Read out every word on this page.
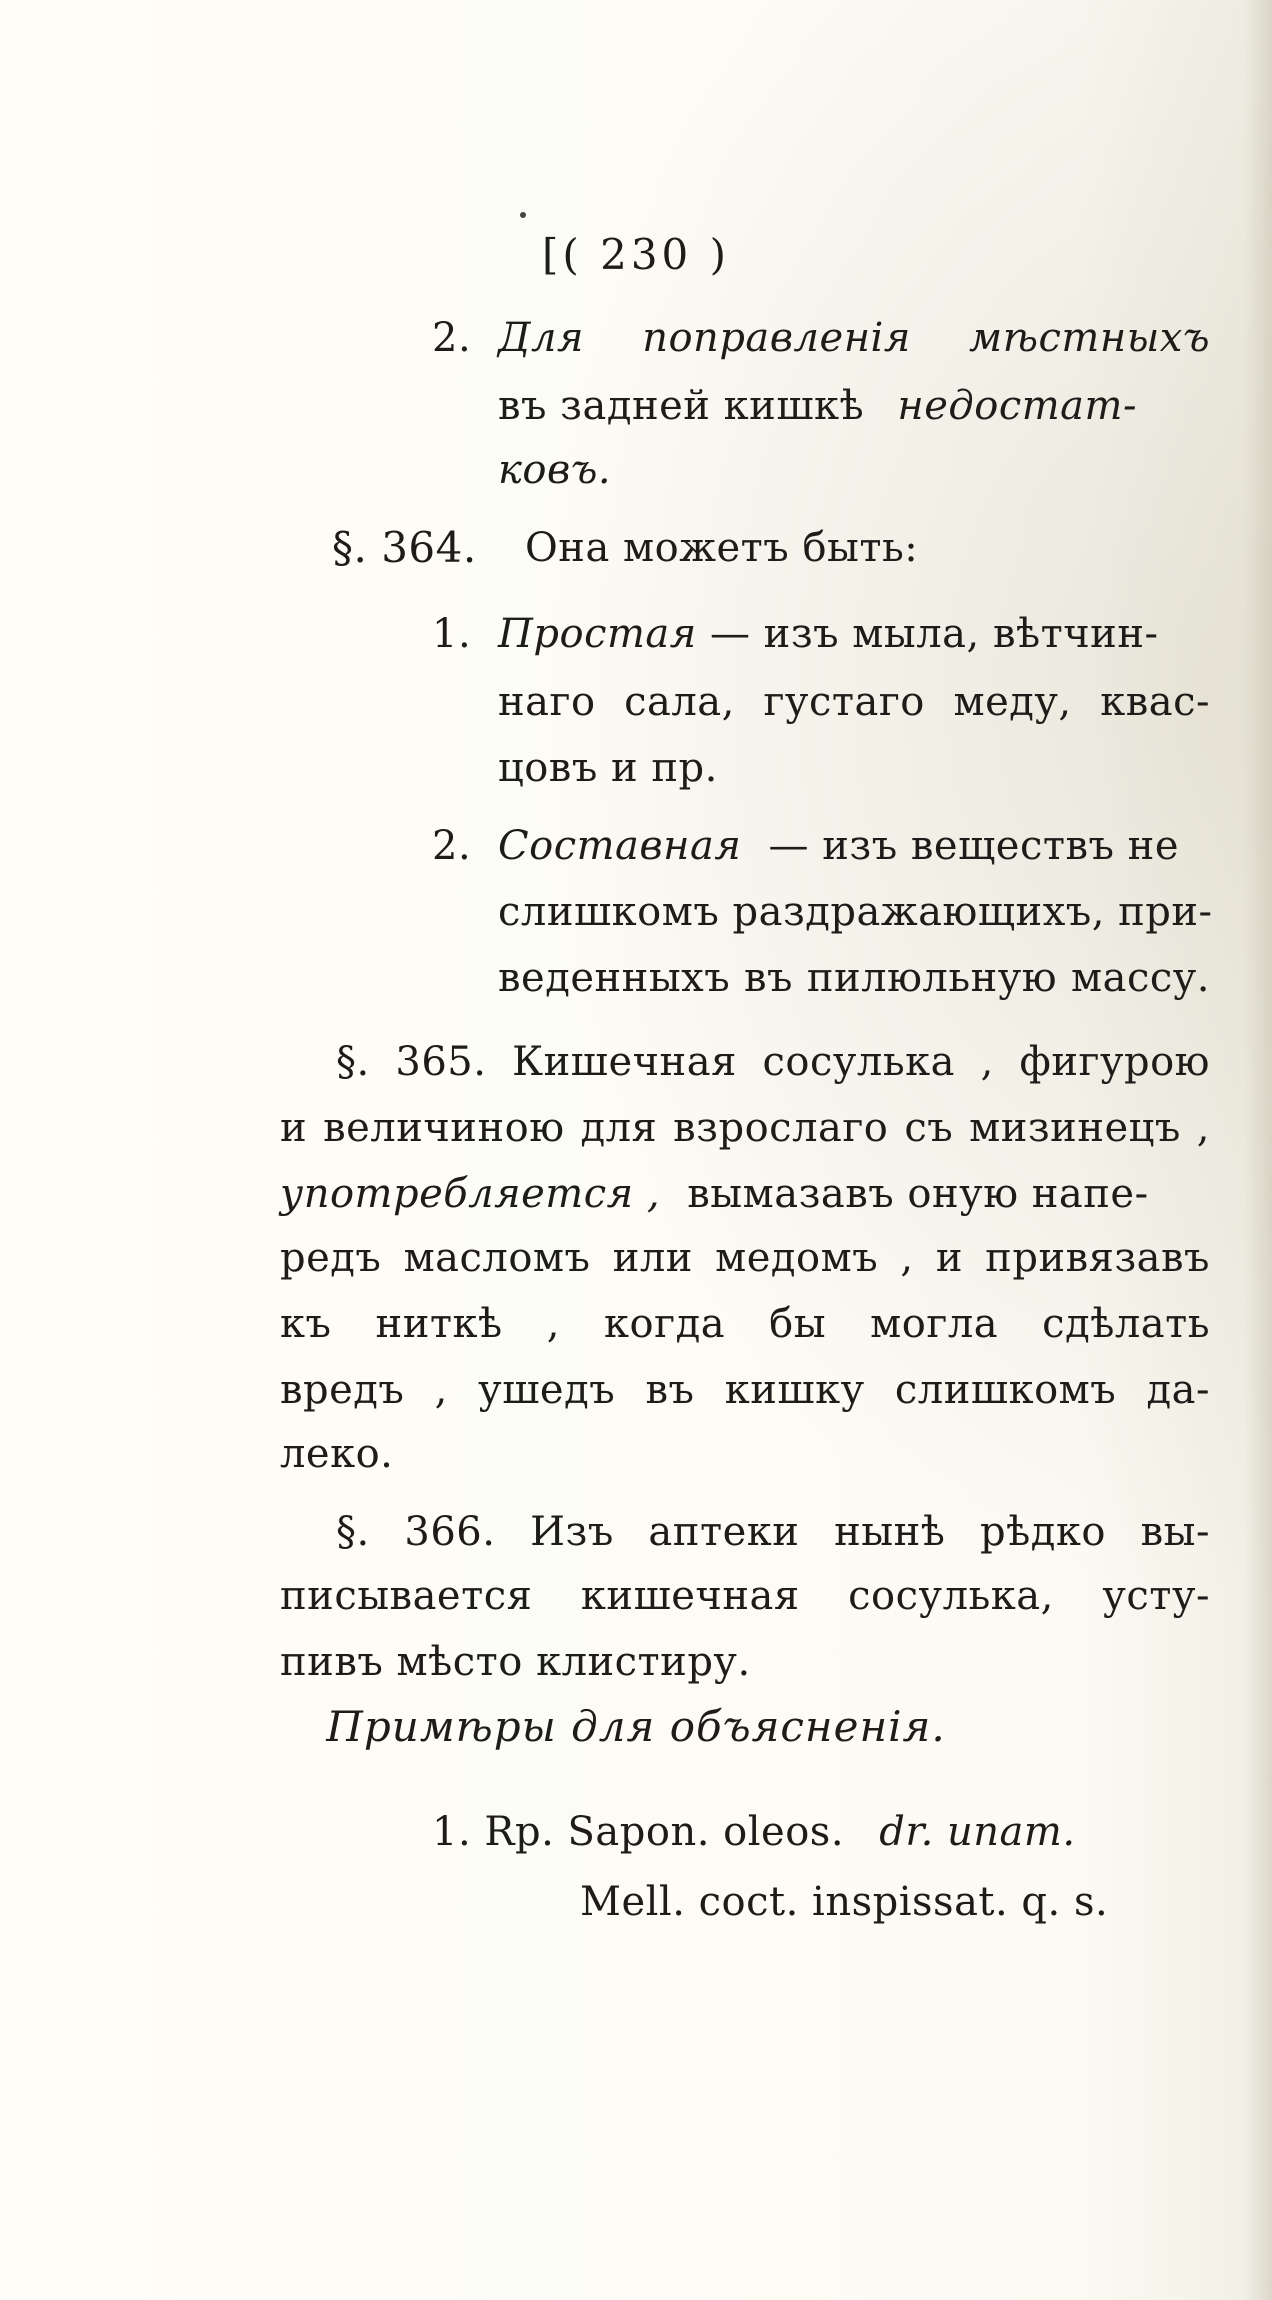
[( 230 )
2. Для поправленія мѣстныхъ
въ задней кишкѣ недостат-
ковъ.
§. 364. Она можетъ быть:
1. Простая — изъ мыла, вѣтчин-
наго сала, густаго меду, квас-
цовъ и пр.
2. Составная — изъ веществъ не
слишкомъ раздражающихъ, при-
веденныхъ въ пилюльную массу.
§. 365. Кишечная сосулька , фигурою
и величиною для взрослаго съ мизинецъ ,
употребляется , вымазавъ оную напе-
редъ масломъ или медомъ , и привязавъ
къ ниткѣ , когда бы могла сдѣлать
вредъ , ушедъ въ кишку слишкомъ да-
леко.
§. 366. Изъ аптеки нынѣ рѣдко вы-
писывается кишечная сосулька, усту-
пивъ мѣсто клистиру.
Примѣры для объясненія.
1. Rp. Sapon. oleos. dr. unam.
Mell. coct. inspissat. q. s.
